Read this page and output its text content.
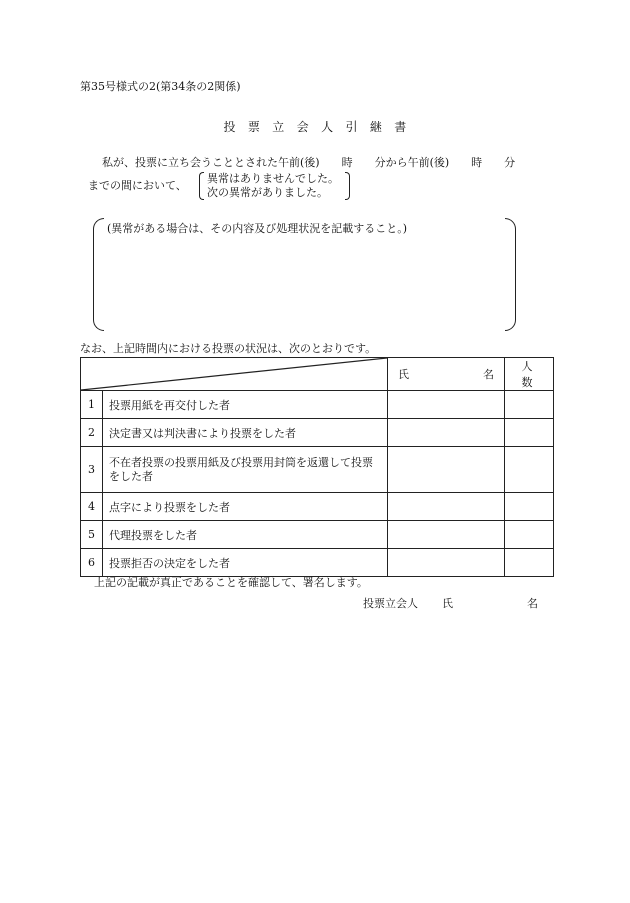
第35号様式の2(第34条の2関係)
投　票　立　会　人　引　継　書
私が、投票に立ち会うこととされた午前(後)　　時　　分から午前(後)　　時　　分
までの間において、
異常はありませんでした。
次の異常がありました。
(異常がある場合は、その内容及び処理状況を記載すること。)
なお、上記時間内における投票の状況は、次のとおりです。

氏 名	人 数
1	投票用紙を再交付した者		
2	決定書又は判決書により投票をした者		
3	不在者投票の投票用紙及び投票用封筒を返還して投票をした者		
4	点字により投票をした者		
5	代理投票をした者		
6	投票拒否の決定をした者		
上記の記載が真正であることを確認して、署名します。
投票立会人 氏	名
